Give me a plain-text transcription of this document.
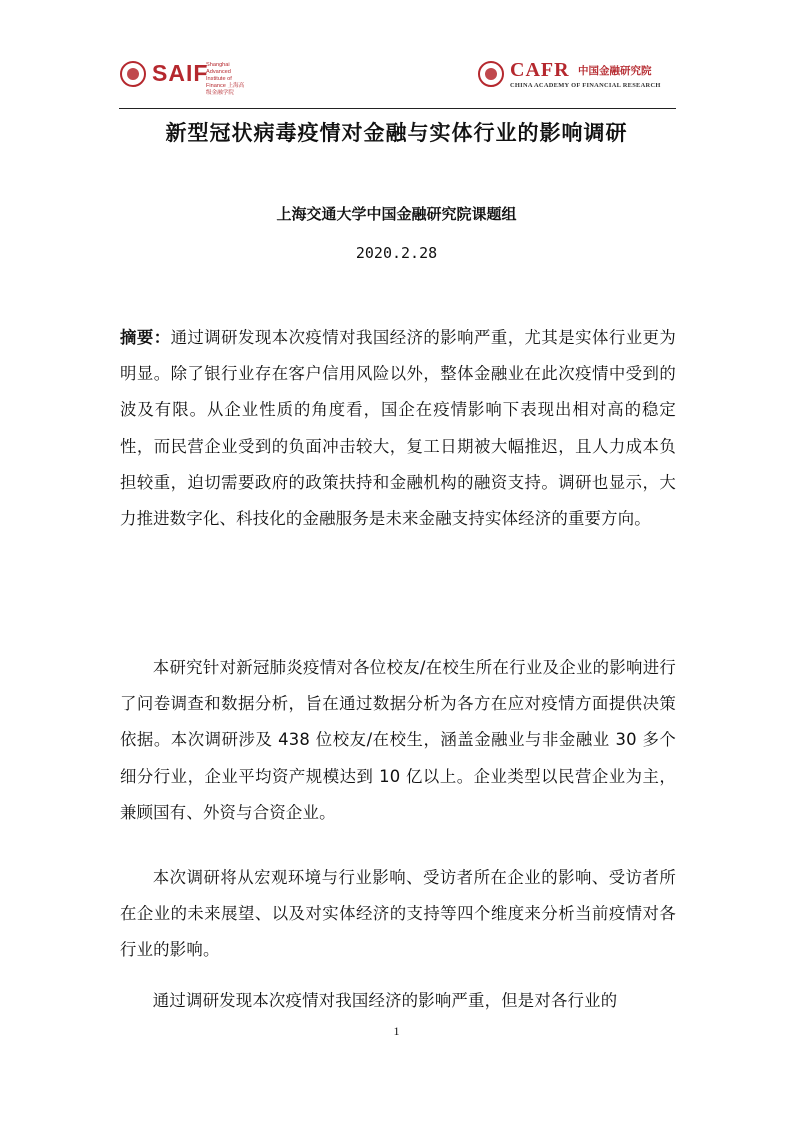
SAIF
Shanghai Advanced Institute of Finance 上海高级金融学院
CAFR 中国金融研究院
CHINA ACADEMY OF FINANCIAL RESEARCH
新型冠状病毒疫情对金融与实体行业的影响调研
上海交通大学中国金融研究院课题组
2020.2.28
摘要：通过调研发现本次疫情对我国经济的影响严重，尤其是实体行业更为明显。除了银行业存在客户信用风险以外，整体金融业在此次疫情中受到的波及有限。从企业性质的角度看，国企在疫情影响下表现出相对高的稳定性，而民营企业受到的负面冲击较大，复工日期被大幅推迟，且人力成本负担较重，迫切需要政府的政策扶持和金融机构的融资支持。调研也显示，大力推进数字化、科技化的金融服务是未来金融支持实体经济的重要方向。
本研究针对新冠肺炎疫情对各位校友/在校生所在行业及企业的影响进行了问卷调查和数据分析，旨在通过数据分析为各方在应对疫情方面提供决策依据。本次调研涉及 438 位校友/在校生，涵盖金融业与非金融业 30 多个细分行业，企业平均资产规模达到 10 亿以上。企业类型以民营企业为主，兼顾国有、外资与合资企业。
本次调研将从宏观环境与行业影响、受访者所在企业的影响、受访者所在企业的未来展望、以及对实体经济的支持等四个维度来分析当前疫情对各行业的影响。
通过调研发现本次疫情对我国经济的影响严重，但是对各行业的
1
